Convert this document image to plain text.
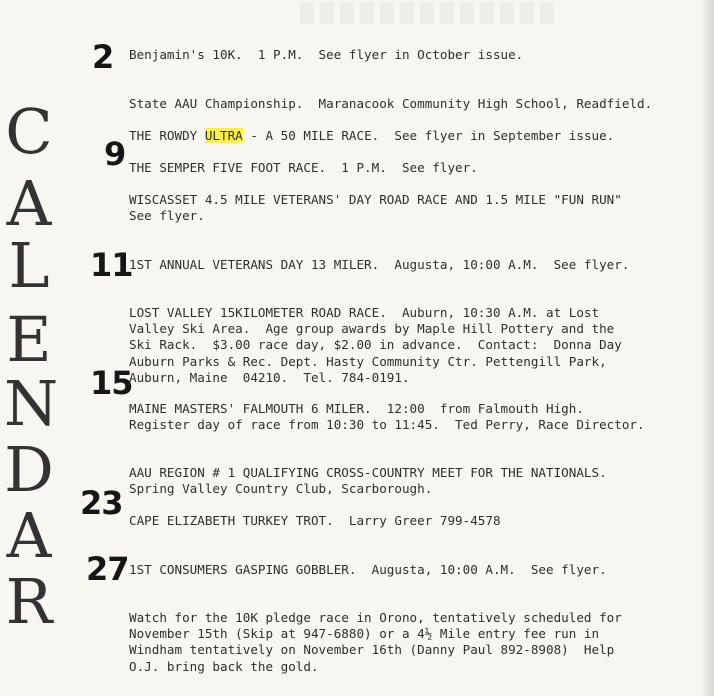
C
A
L
E
N
D
A
R
2
9
11
15
23
27
Benjamin's 10K.  1 P.M.  See flyer in October issue.
State AAU Championship.  Maranacook Community High School, Readfield.
THE ROWDY ULTRA - A 50 MILE RACE.  See flyer in September issue.
THE SEMPER FIVE FOOT RACE.  1 P.M.  See flyer.
WISCASSET 4.5 MILE VETERANS' DAY ROAD RACE AND 1.5 MILE "FUN RUN"
See flyer.
1ST ANNUAL VETERANS DAY 13 MILER.  Augusta, 10:00 A.M.  See flyer.
LOST VALLEY 15KILOMETER ROAD RACE.  Auburn, 10:30 A.M. at Lost
Valley Ski Area.  Age group awards by Maple Hill Pottery and the
Ski Rack.  $3.00 race day, $2.00 in advance.  Contact:  Donna Day
Auburn Parks & Rec. Dept. Hasty Community Ctr. Pettengill Park,
Auburn, Maine  04210.  Tel. 784-0191.
MAINE MASTERS' FALMOUTH 6 MILER.  12:00  from Falmouth High.
Register day of race from 10:30 to 11:45.  Ted Perry, Race Director.
AAU REGION # 1 QUALIFYING CROSS-COUNTRY MEET FOR THE NATIONALS.
Spring Valley Country Club, Scarborough.
CAPE ELIZABETH TURKEY TROT.  Larry Greer 799-4578
1ST CONSUMERS GASPING GOBBLER.  Augusta, 10:00 A.M.  See flyer.
Watch for the 10K pledge race in Orono, tentatively scheduled for
November 15th (Skip at 947-6880) or a 4½ Mile entry fee run in
Windham tentatively on November 16th (Danny Paul 892-8908)  Help
O.J. bring back the gold.
